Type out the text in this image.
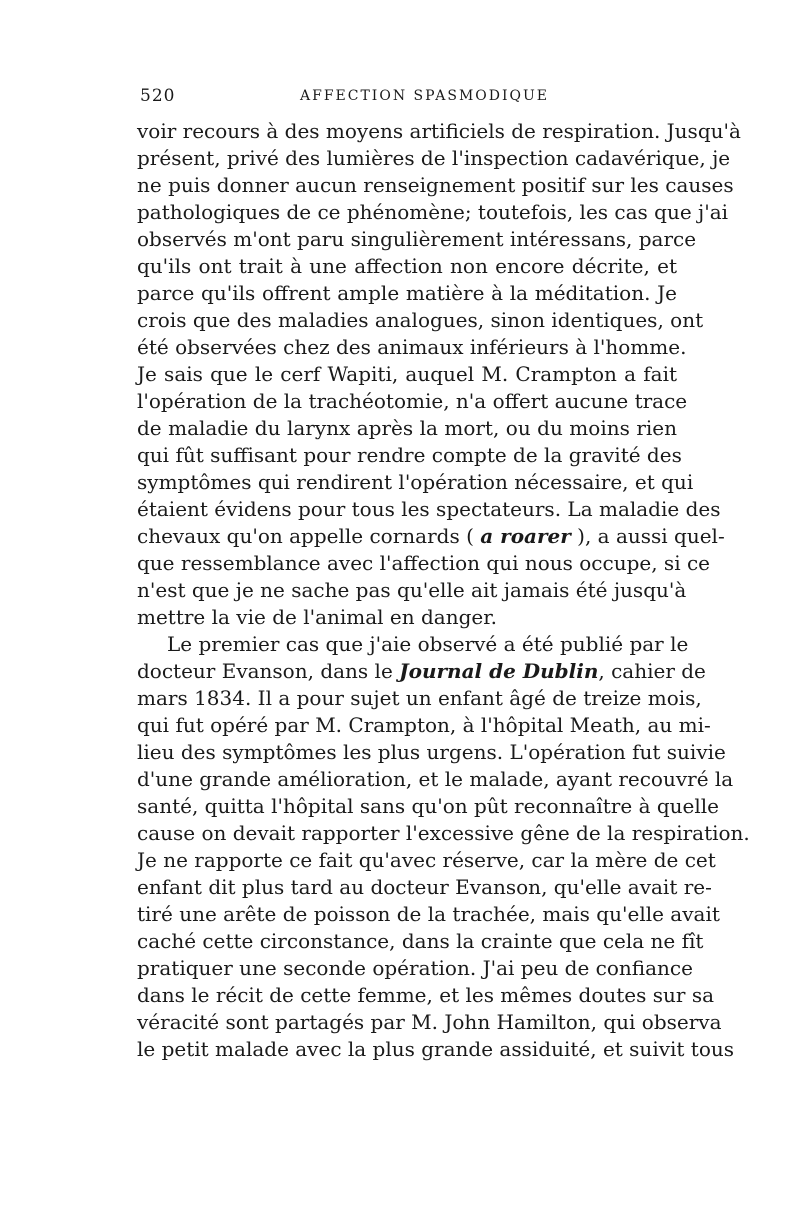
520	AFFECTION SPASMODIQUE
voir recours à des moyens artificiels de respiration. Jusqu'à
présent, privé des lumières de l'inspection cadavérique, je
ne puis donner aucun renseignement positif sur les causes
pathologiques de ce phénomène; toutefois, les cas que j'ai
observés m'ont paru singulièrement intéressans, parce
qu'ils ont trait à une affection non encore décrite, et
parce qu'ils offrent ample matière à la méditation. Je
crois que des maladies analogues, sinon identiques, ont
été observées chez des animaux inférieurs à l'homme.
Je sais que le cerf Wapiti, auquel M. Crampton a fait
l'opération de la trachéotomie, n'a offert aucune trace
de maladie du larynx après la mort, ou du moins rien
qui fût suffisant pour rendre compte de la gravité des
symptômes qui rendirent l'opération nécessaire, et qui
étaient évidens pour tous les spectateurs. La maladie des
chevaux qu'on appelle cornards ( a roarer ), a aussi quel-
que ressemblance avec l'affection qui nous occupe, si ce
n'est que je ne sache pas qu'elle ait jamais été jusqu'à
mettre la vie de l'animal en danger.
Le premier cas que j'aie observé a été publié par le
docteur Evanson, dans le Journal de Dublin, cahier de
mars 1834. Il a pour sujet un enfant âgé de treize mois,
qui fut opéré par M. Crampton, à l'hôpital Meath, au mi-
lieu des symptômes les plus urgens. L'opération fut suivie
d'une grande amélioration, et le malade, ayant recouvré la
santé, quitta l'hôpital sans qu'on pût reconnaître à quelle
cause on devait rapporter l'excessive gêne de la respiration.
Je ne rapporte ce fait qu'avec réserve, car la mère de cet
enfant dit plus tard au docteur Evanson, qu'elle avait re-
tiré une arête de poisson de la trachée, mais qu'elle avait
caché cette circonstance, dans la crainte que cela ne fît
pratiquer une seconde opération. J'ai peu de confiance
dans le récit de cette femme, et les mêmes doutes sur sa
véracité sont partagés par M. John Hamilton, qui observa
le petit malade avec la plus grande assiduité, et suivit tous
